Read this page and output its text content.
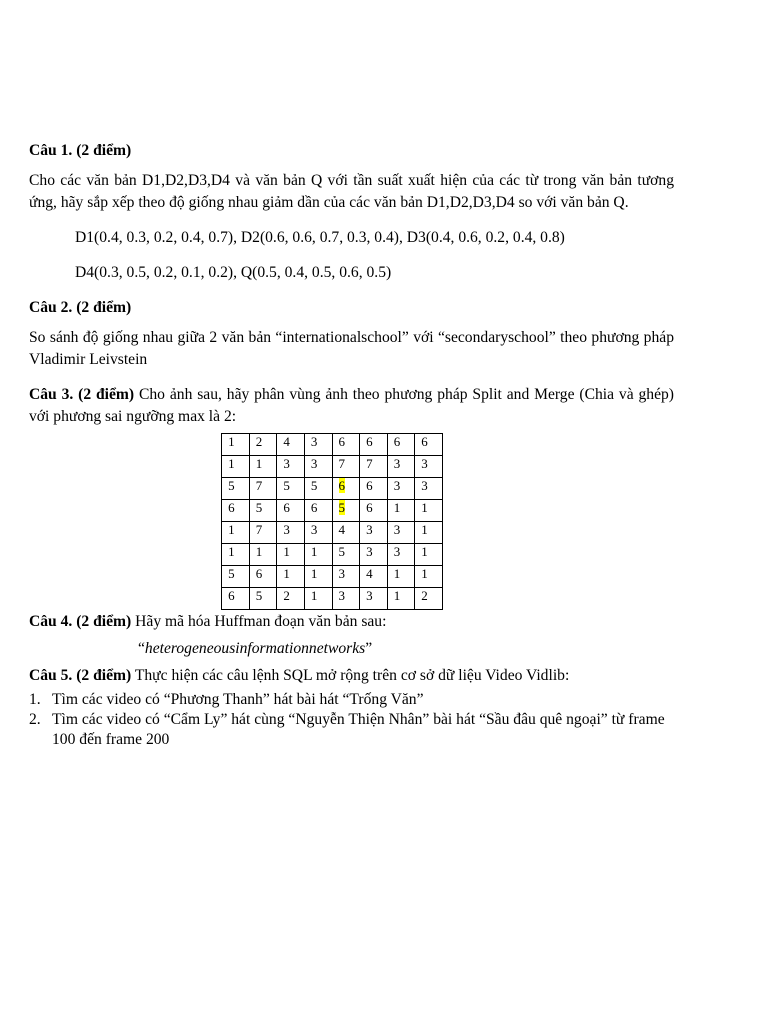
Câu 1. (2 điểm)

Cho các văn bản D1,D2,D3,D4 và văn bản Q với tần suất xuất hiện của các từ trong văn bản tương ứng, hãy sắp xếp theo độ giống nhau giảm dần của các văn bản D1,D2,D3,D4 so với văn bản Q.

D1(0.4, 0.3, 0.2, 0.4, 0.7), D2(0.6, 0.6, 0.7, 0.3, 0.4), D3(0.4, 0.6, 0.2, 0.4, 0.8)

D4(0.3, 0.5, 0.2, 0.1, 0.2), Q(0.5, 0.4, 0.5, 0.6, 0.5)

Câu 2. (2 điểm)

So sánh độ giống nhau giữa 2 văn bản “internationalschool” với “secondaryschool” theo phương pháp Vladimir Leivstein

Câu 3. (2 điểm) Cho ảnh sau, hãy phân vùng ảnh theo phương pháp Split and Merge (Chia và ghép) với phương sai ngưỡng max là 2:

1	2	4	3	6	6	6	6
1	1	3	3	7	7	3	3
5	7	5	5	6	6	3	3
6	5	6	6	5	6	1	1
1	7	3	3	4	3	3	1
1	1	1	1	5	3	3	1
5	6	1	1	3	4	1	1
6	5	2	1	3	3	1	2

Câu 4. (2 điểm) Hãy mã hóa Huffman đoạn văn bản sau:

“heterogeneousinformationnetworks”

Câu 5. (2 điểm) Thực hiện các câu lệnh SQL mở rộng trên cơ sở dữ liệu Video Vidlib:

1. Tìm các video có “Phương Thanh” hát bài hát “Trống Văn”
2. Tìm các video có “Cẩm Ly” hát cùng “Nguyễn Thiện Nhân” bài hát “Sầu đâu quê ngoại” từ frame 100 đến frame 200
